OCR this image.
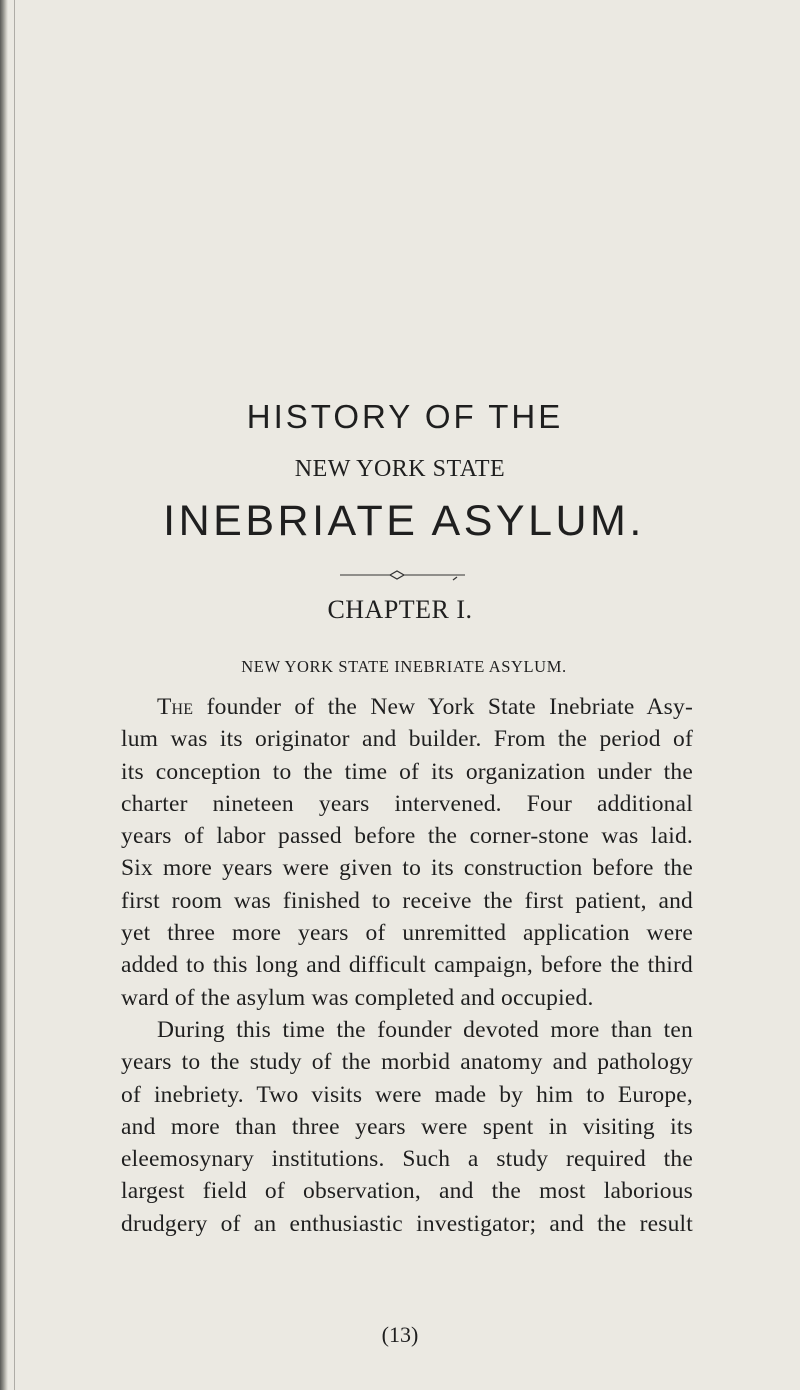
HISTORY OF THE
NEW YORK STATE
INEBRIATE ASYLUM.
CHAPTER I.
NEW YORK STATE INEBRIATE ASYLUM.
The founder of the New York State Inebriate Asy-
lum was its originator and builder. From the period of
its conception to the time of its organization under the
charter nineteen years intervened. Four additional
years of labor passed before the corner-stone was laid.
Six more years were given to its construction before the
first room was finished to receive the first patient, and
yet three more years of unremitted application were
added to this long and difficult campaign, before the third
ward of the asylum was completed and occupied.
During this time the founder devoted more than ten
years to the study of the morbid anatomy and pathology
of inebriety. Two visits were made by him to Europe,
and more than three years were spent in visiting its
eleemosynary institutions. Such a study required the
largest field of observation, and the most laborious
drudgery of an enthusiastic investigator; and the result
(13)
